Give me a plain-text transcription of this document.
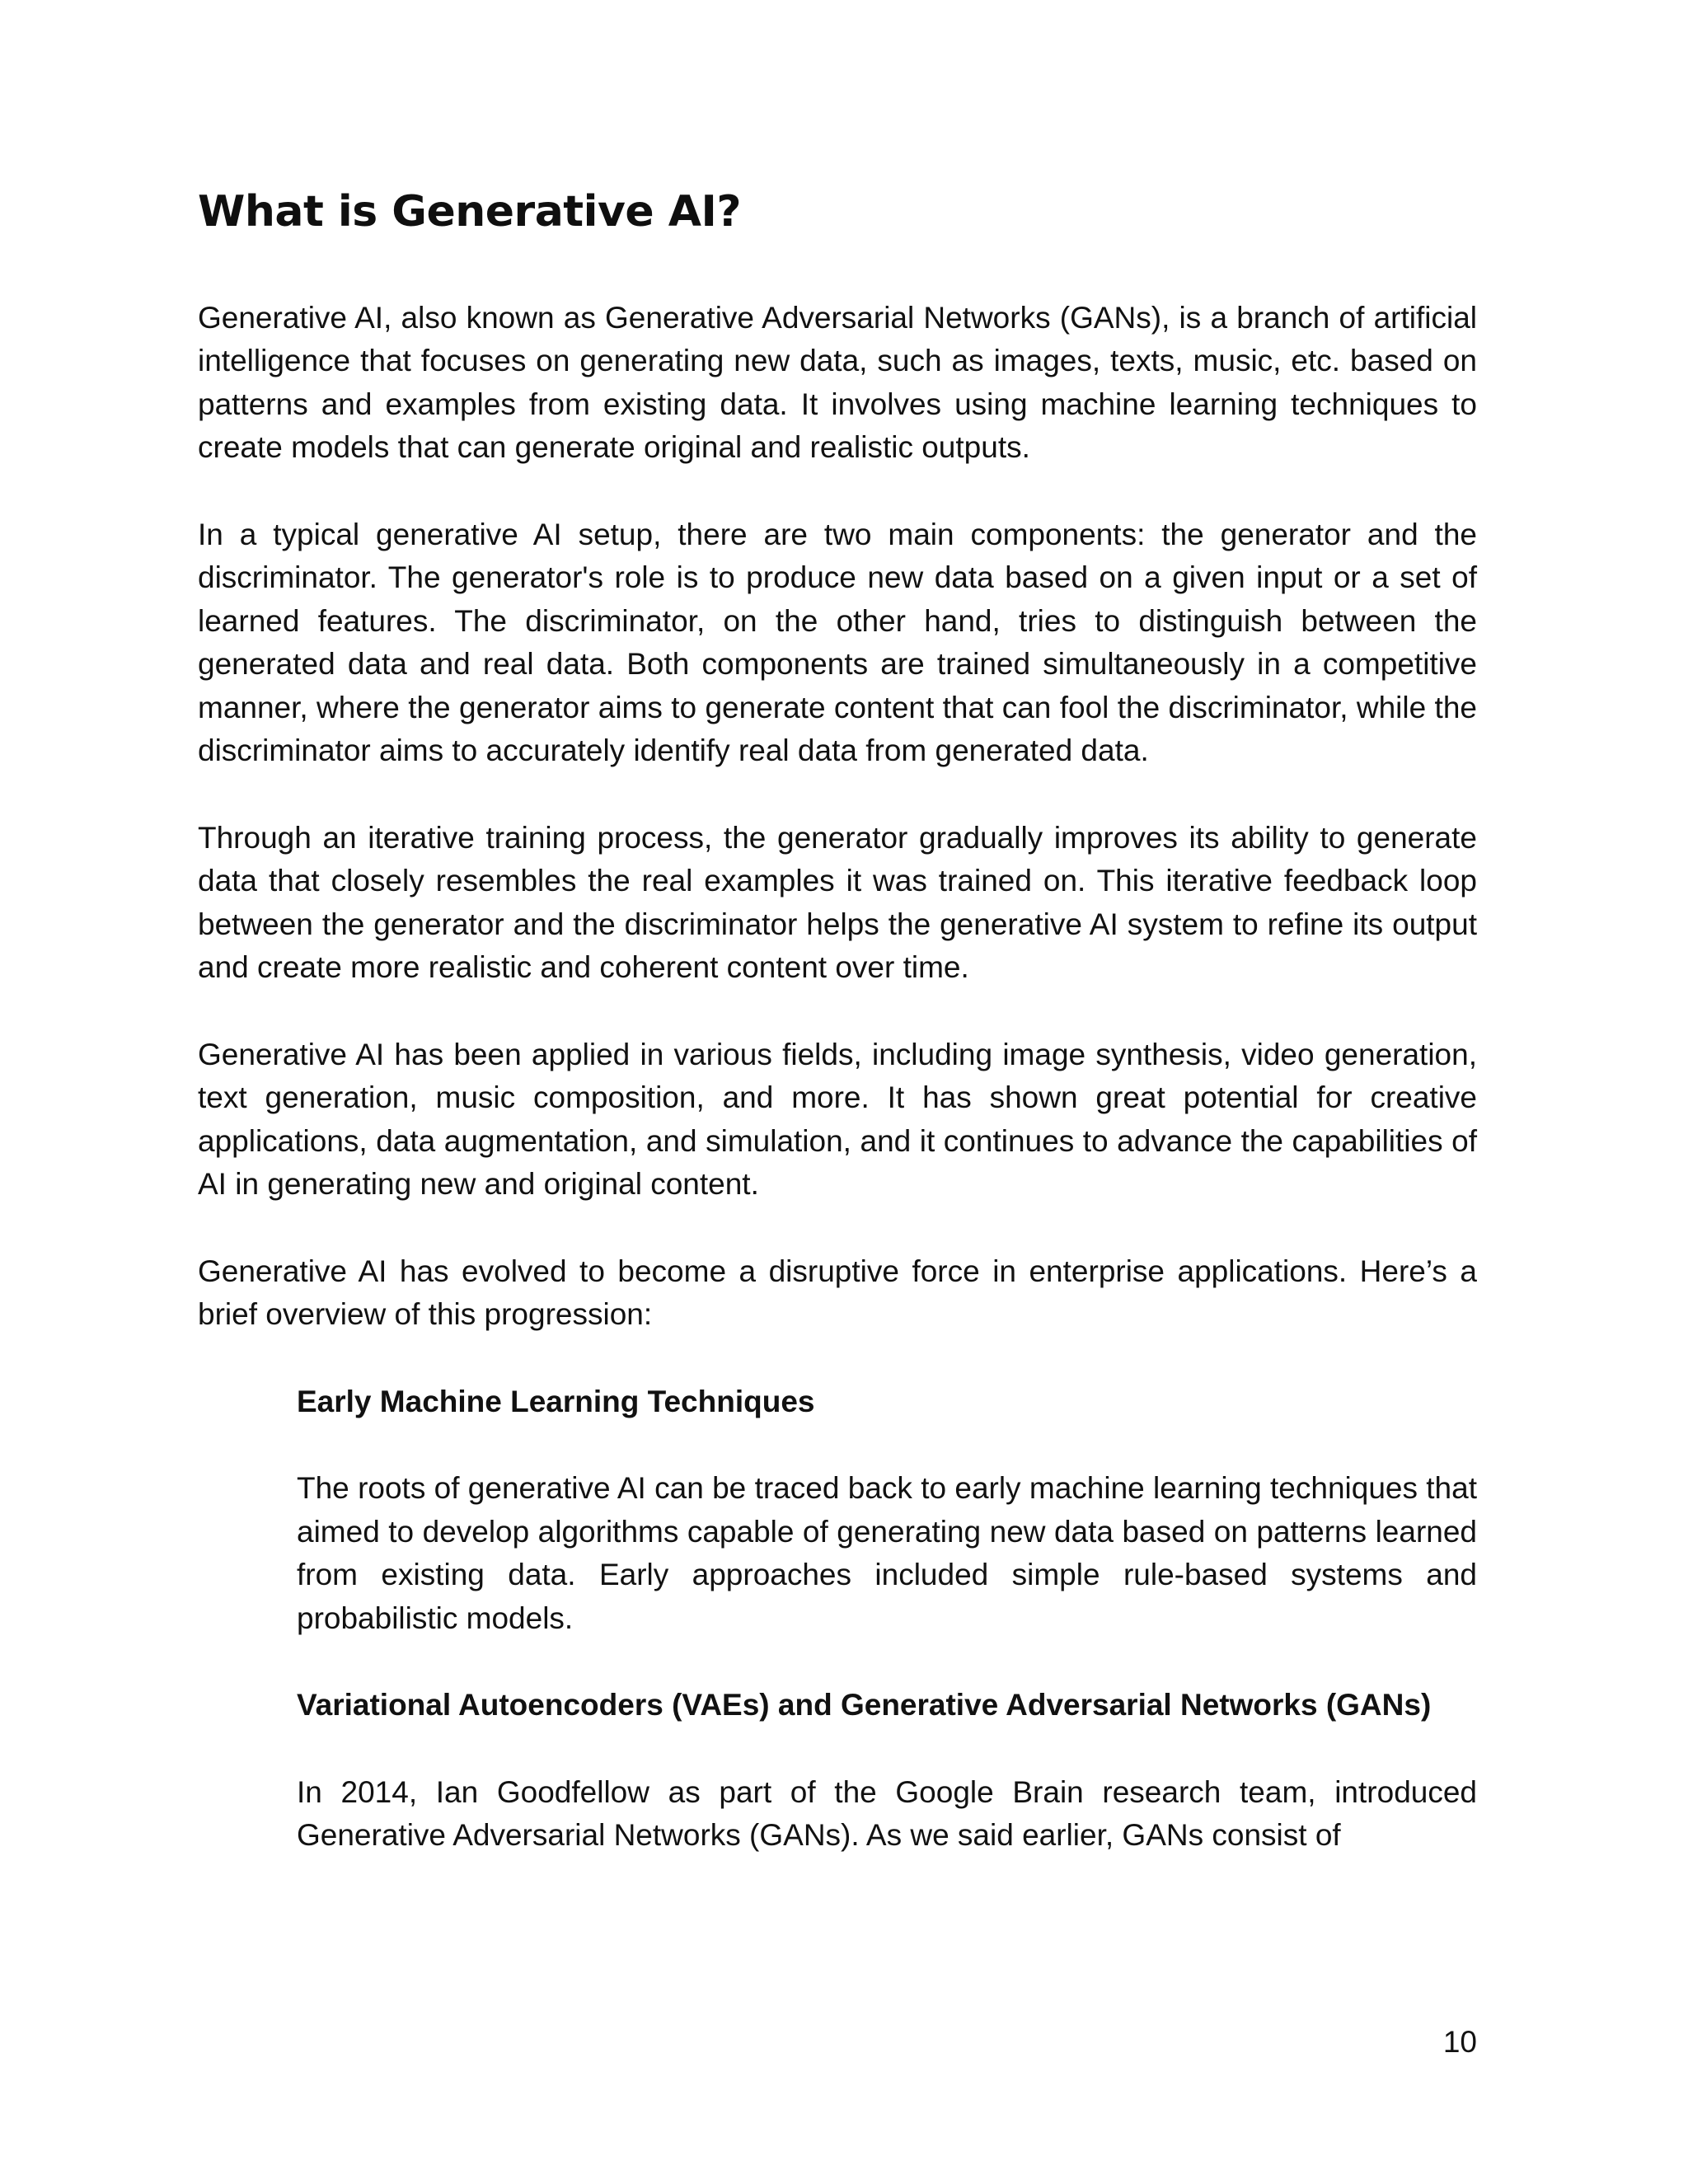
What is Generative AI?

Generative AI, also known as Generative Adversarial Networks (GANs), is a branch of artificial intelligence that focuses on generating new data, such as images, texts, music, etc. based on patterns and examples from existing data. It involves using machine learning techniques to create models that can generate original and realistic outputs.

In a typical generative AI setup, there are two main components: the generator and the discriminator. The generator's role is to produce new data based on a given input or a set of learned features. The discriminator, on the other hand, tries to distinguish between the generated data and real data. Both components are trained simultaneously in a competitive manner, where the generator aims to generate content that can fool the discriminator, while the discriminator aims to accurately identify real data from generated data.

Through an iterative training process, the generator gradually improves its ability to generate data that closely resembles the real examples it was trained on. This iterative feedback loop between the generator and the discriminator helps the generative AI system to refine its output and create more realistic and coherent content over time.

Generative AI has been applied in various fields, including image synthesis, video generation, text generation, music composition, and more. It has shown great potential for creative applications, data augmentation, and simulation, and it continues to advance the capabilities of AI in generating new and original content.

Generative AI has evolved to become a disruptive force in enterprise applications. Here’s a brief overview of this progression:

Early Machine Learning Techniques

The roots of generative AI can be traced back to early machine learning techniques that aimed to develop algorithms capable of generating new data based on patterns learned from existing data. Early approaches included simple rule-based systems and probabilistic models.

Variational Autoencoders (VAEs) and Generative Adversarial Networks (GANs)

In 2014, Ian Goodfellow as part of the Google Brain research team, introduced Generative Adversarial Networks (GANs). As we said earlier, GANs consist of

10
